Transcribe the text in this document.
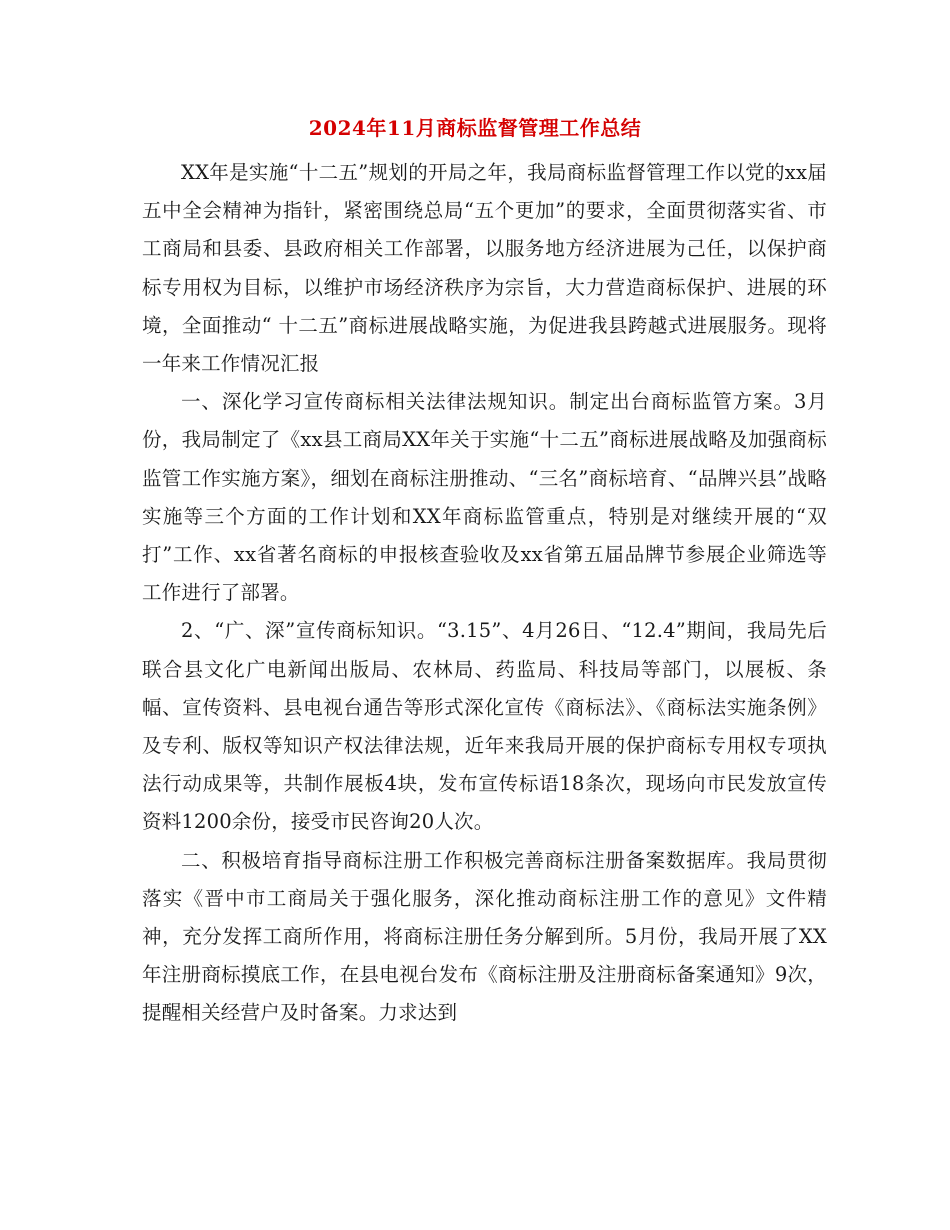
2024年11月商标监督管理工作总结

XX年是实施“十二五”规划的开局之年，我局商标监督管理工作以党的xx届五中全会精神为指针，紧密围绕总局“五个更加”的要求，全面贯彻落实省、市工商局和县委、县政府相关工作部署，以服务地方经济进展为己任，以保护商标专用权为目标，以维护市场经济秩序为宗旨，大力营造商标保护、进展的环境，全面推动“ 十二五”商标进展战略实施，为促进我县跨越式进展服务。现将一年来工作情况汇报

一、深化学习宣传商标相关法律法规知识。制定出台商标监管方案。3月份，我局制定了《xx县工商局XX年关于实施“十二五”商标进展战略及加强商标监管工作实施方案》，细划在商标注册推动、“三名”商标培育、“品牌兴县”战略实施等三个方面的工作计划和XX年商标监管重点，特别是对继续开展的“双打”工作、xx省著名商标的申报核查验收及xx省第五届品牌节参展企业筛选等工作进行了部署。

2、“广、深”宣传商标知识。“3.15”、4月26日、“12.4”期间，我局先后联合县文化广电新闻出版局、农林局、药监局、科技局等部门，以展板、条幅、宣传资料、县电视台通告等形式深化宣传《商标法》、《商标法实施条例》及专利、版权等知识产权法律法规，近年来我局开展的保护商标专用权专项执法行动成果等，共制作展板4块，发布宣传标语18条次，现场向市民发放宣传资料1200余份，接受市民咨询20人次。

二、积极培育指导商标注册工作积极完善商标注册备案数据库。我局贯彻落实《晋中市工商局关于强化服务，深化推动商标注册工作的意见》文件精神，充分发挥工商所作用，将商标注册任务分解到所。5月份，我局开展了XX年注册商标摸底工作，在县电视台发布《商标注册及注册商标备案通知》9次，提醒相关经营户及时备案。力求达到
